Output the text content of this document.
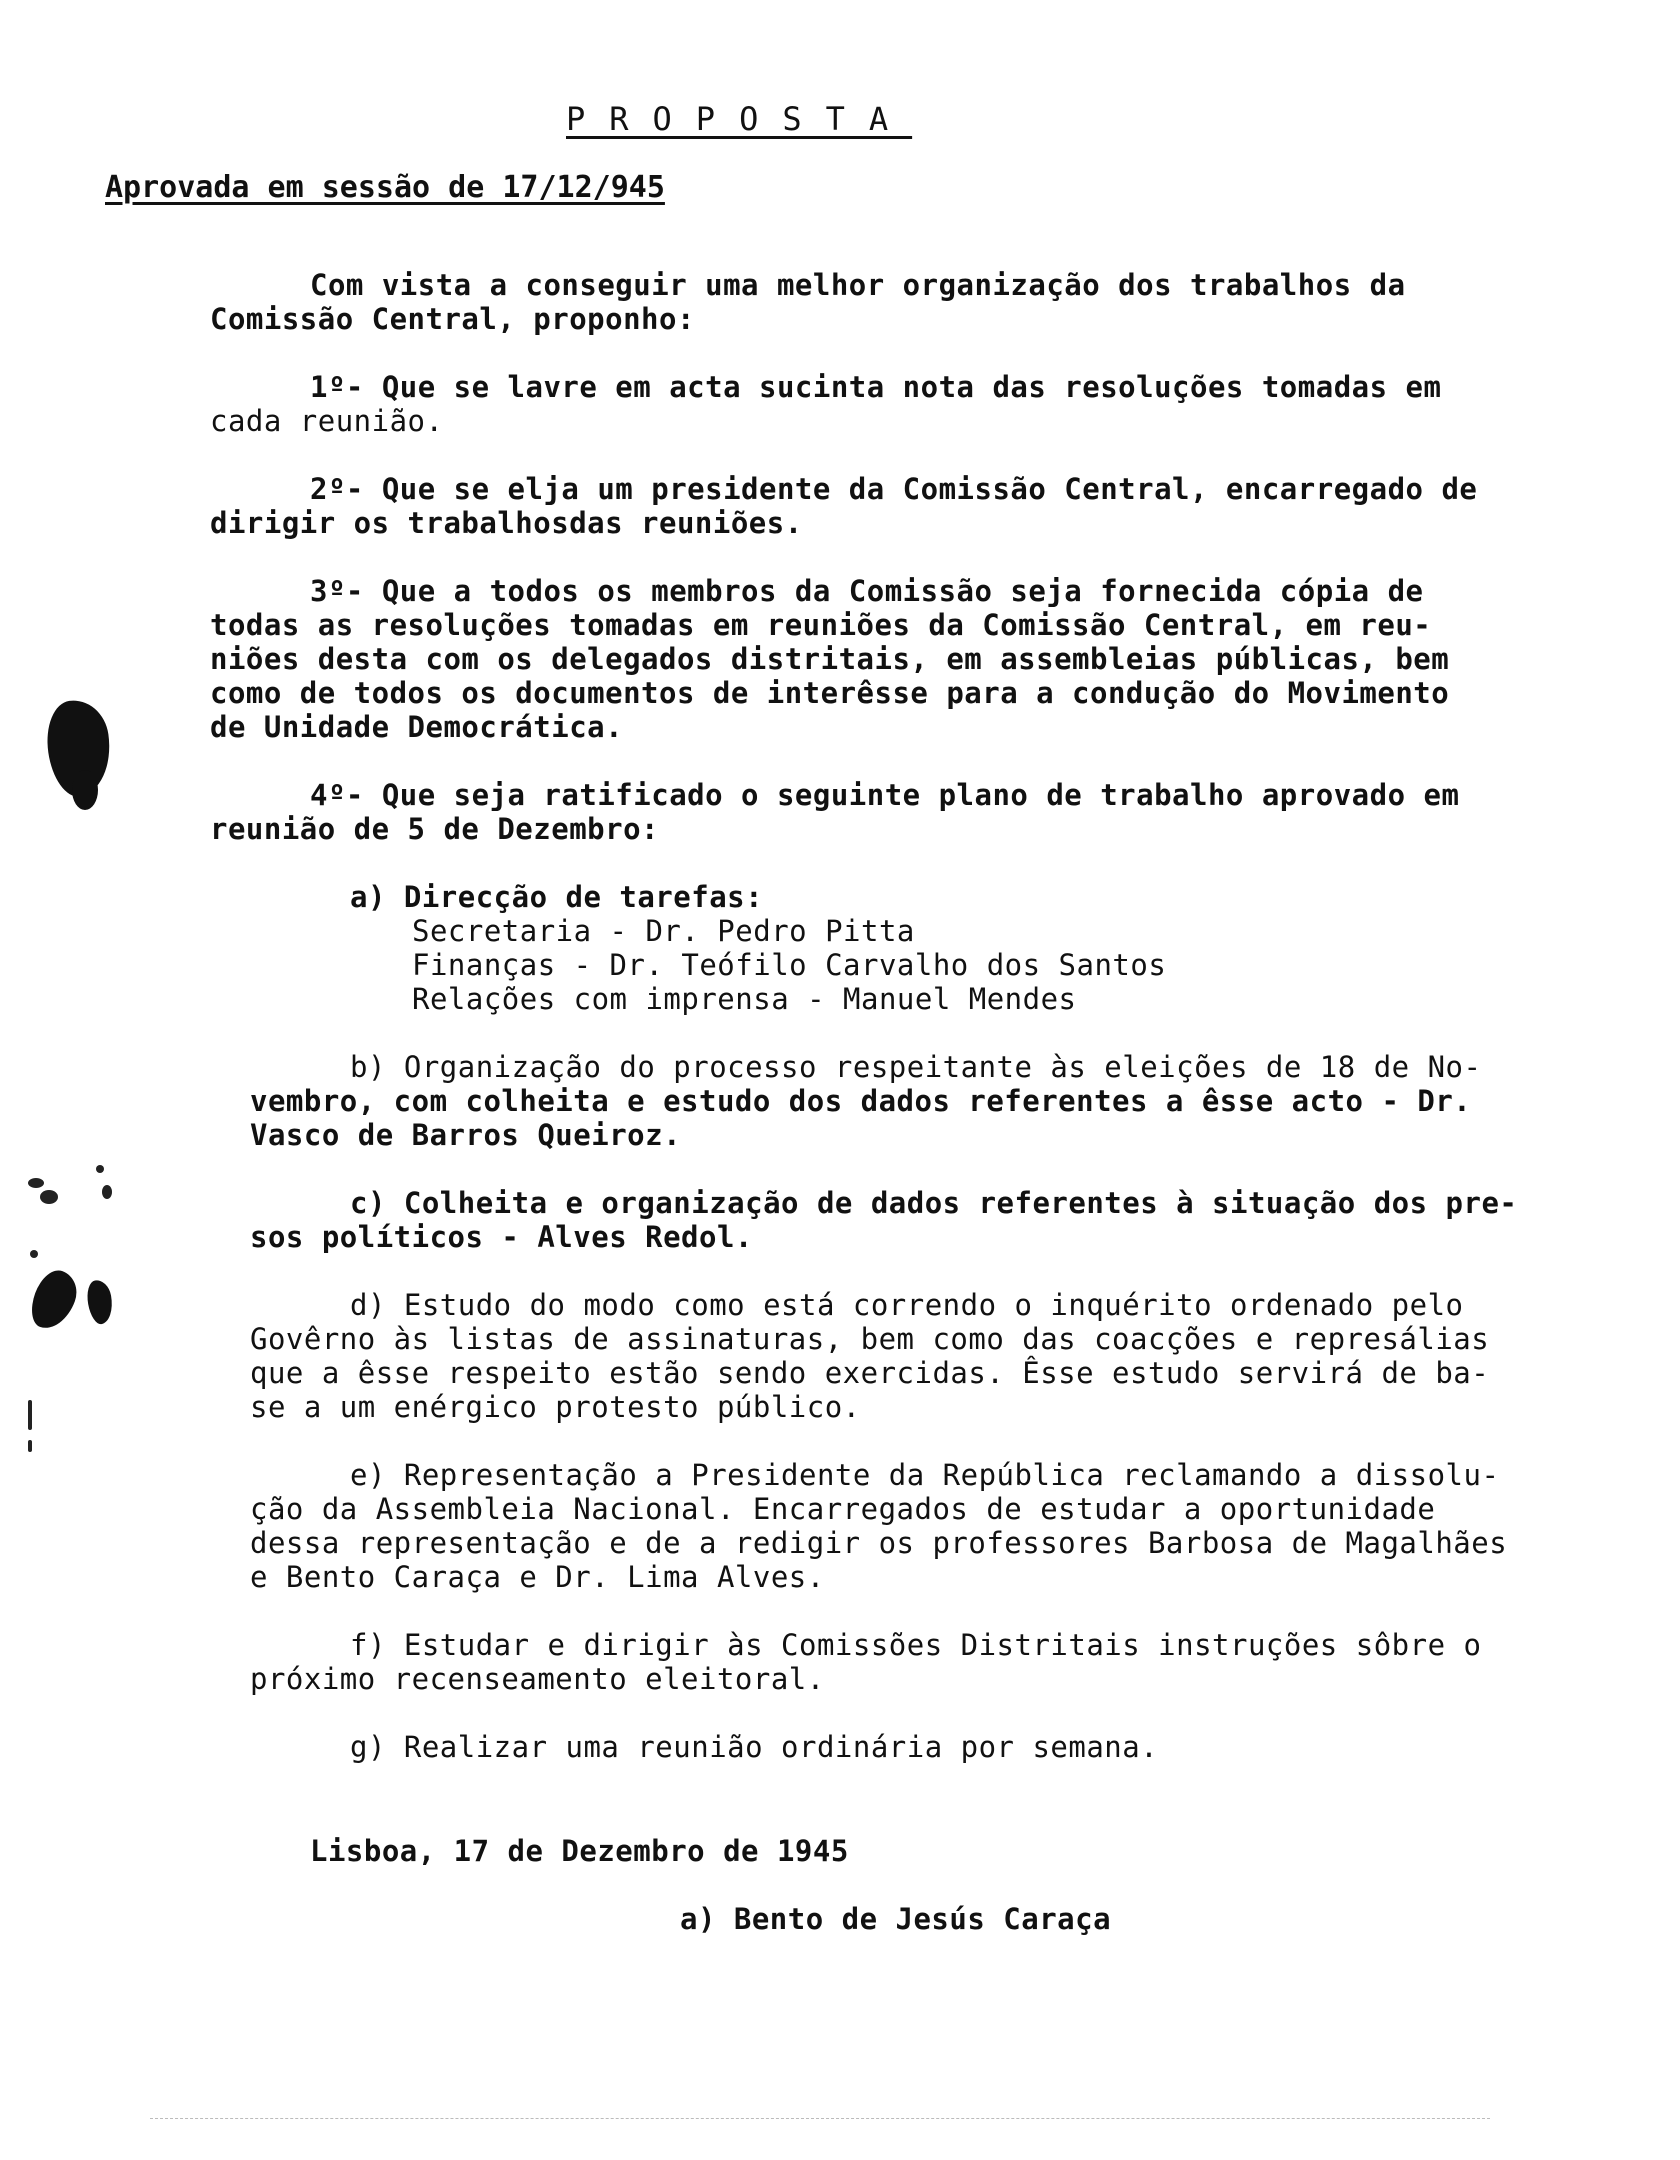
PROPOSTA
Aprovada em sessão de 17/12/945
Com vista a conseguir uma melhor organização dos trabalhos da
Comissão Central, proponho:
1º- Que se lavre em acta sucinta nota das resoluções tomadas em
cada reunião.
2º- Que se elja um presidente da Comissão Central, encarregado de
dirigir os trabalhosdas reuniões.
3º- Que a todos os membros da Comissão seja fornecida cópia de
todas as resoluções tomadas em reuniões da Comissão Central, em reu-
niões desta com os delegados distritais, em assembleias públicas, bem
como de todos os documentos de interêsse para a condução do Movimento
de Unidade Democrática.
4º- Que seja ratificado o seguinte plano de trabalho aprovado em
reunião de 5 de Dezembro:
a) Direcção de tarefas:
Secretaria - Dr. Pedro Pitta
Finanças - Dr. Teófilo Carvalho dos Santos
Relações com imprensa - Manuel Mendes
b) Organização do processo respeitante às eleições de 18 de No-
vembro, com colheita e estudo dos dados referentes a êsse acto - Dr.
Vasco de Barros Queiroz.
c) Colheita e organização de dados referentes à situação dos pre-
sos políticos - Alves Redol.
d) Estudo do modo como está correndo o inquérito ordenado pelo
Govêrno às listas de assinaturas, bem como das coacções e represálias
que a êsse respeito estão sendo exercidas. Êsse estudo servirá de ba-
se a um enérgico protesto público.
e) Representação a Presidente da República reclamando a dissolu-
ção da Assembleia Nacional. Encarregados de estudar a oportunidade
dessa representação e de a redigir os professores Barbosa de Magalhães
e Bento Caraça e Dr. Lima Alves.
f) Estudar e dirigir às Comissões Distritais instruções sôbre o
próximo recenseamento eleitoral.
g) Realizar uma reunião ordinária por semana.
Lisboa, 17 de Dezembro de 1945
a) Bento de Jesús Caraça
